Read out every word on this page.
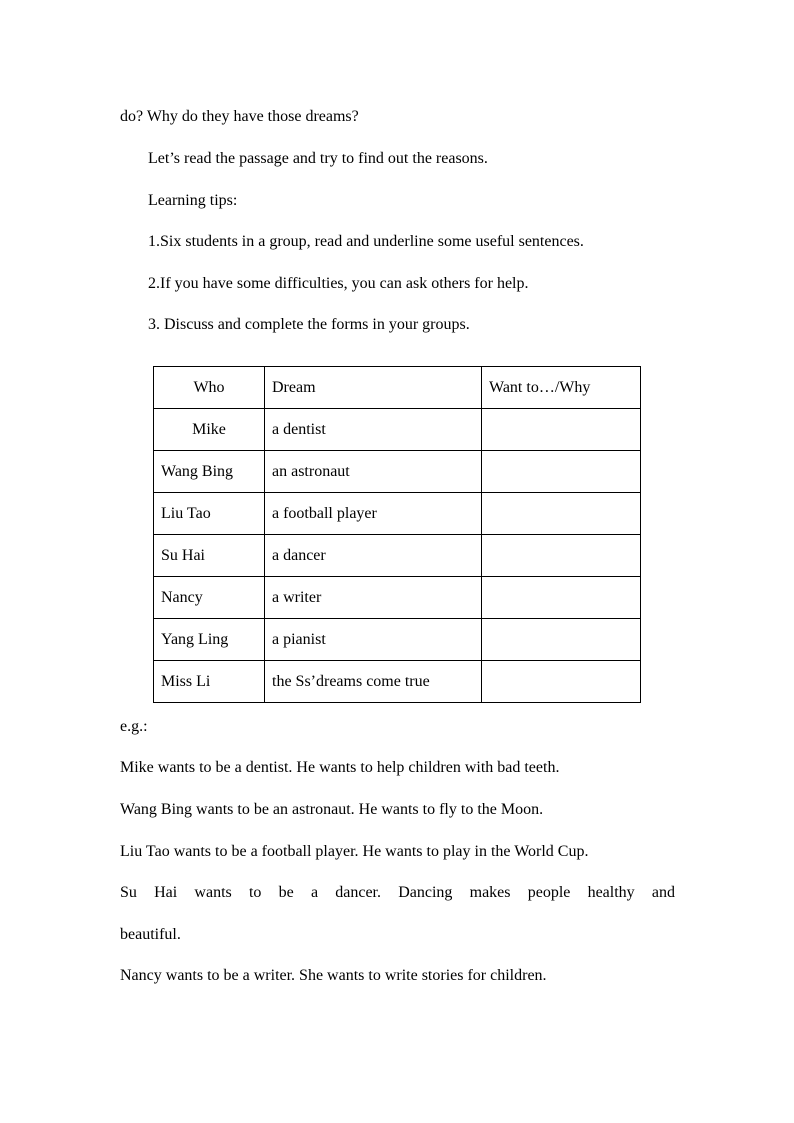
do? Why do they have those dreams?
Let’s read the passage and try to find out the reasons.
Learning tips:
1.Six students in a group, read and underline some useful sentences.
2.If you have some difficulties, you can ask others for help.
3. Discuss and complete the forms in your groups.
Who	Dream	Want to…/Why
Mike	a dentist	
Wang Bing	an astronaut	
Liu Tao	a football player	
Su Hai	a dancer	
Nancy	a writer	
Yang Ling	a pianist	
Miss Li	the Ss’dreams come true	
e.g.:
Mike wants to be a dentist. He wants to help children with bad teeth.
Wang Bing wants to be an astronaut. He wants to fly to the Moon.
Liu Tao wants to be a football player. He wants to play in the World Cup.
Su Hai wants to be a dancer. Dancing makes people healthy and
beautiful.
Nancy wants to be a writer. She wants to write stories for children.
